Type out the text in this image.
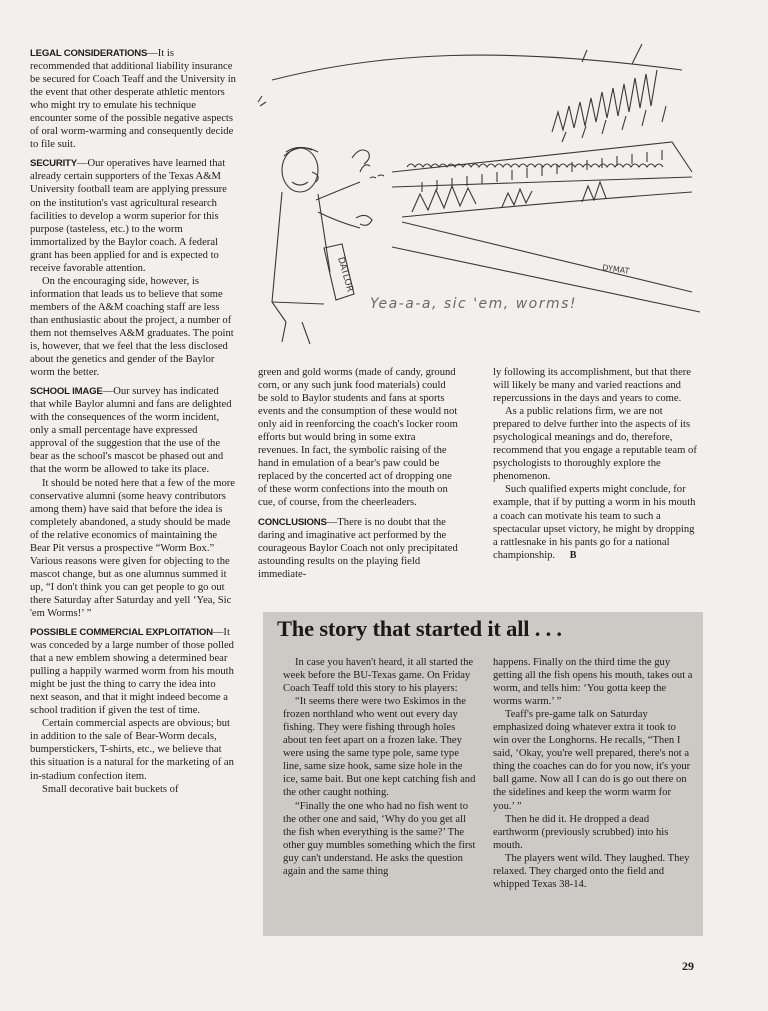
LEGAL CONSIDERATIONS—It is recommended that additional liability insurance be secured for Coach Teaff and the University in the event that other desperate athletic mentors who might try to emulate his technique encounter some of the possible negative aspects of oral worm-warming and consequently decide to file suit.

SECURITY—Our operatives have learned that already certain supporters of the Texas A&M University football team are applying pressure on the institution's vast agricultural research facilities to develop a worm superior for this purpose (tasteless, etc.) to the worm immortalized by the Baylor coach. A federal grant has been applied for and is expected to receive favorable attention.

On the encouraging side, however, is information that leads us to believe that some members of the A&M coaching staff are less than enthusiastic about the project, a number of them not themselves A&M graduates. The point is, however, that we feel that the less disclosed about the genetics and gender of the Baylor worm the better.

SCHOOL IMAGE—Our survey has indicated that while Baylor alumni and fans are delighted with the consequences of the worm incident, only a small percentage have expressed approval of the suggestion that the use of the bear as the school's mascot be phased out and that the worm be allowed to take its place.

It should be noted here that a few of the more conservative alumni (some heavy contributors among them) have said that before the idea is completely abandoned, a study should be made of the relative economics of maintaining the Bear Pit versus a prospective “Worm Box.” Various reasons were given for objecting to the mascot change, but as one alumnus summed it up, “I don't think you can get people to go out there Saturday after Saturday and yell ‘Yea, Sic 'em Worms!’ ”

POSSIBLE COMMERCIAL EXPLOITATION—It was conceded by a large number of those polled that a new emblem showing a determined bear pulling a happily warmed worm from his mouth might be just the thing to carry the idea into next season, and that it might indeed become a school tradition if given the test of time.

Certain commercial aspects are obvious; but in addition to the sale of Bear-Worm decals, bumperstickers, T-shirts, etc., we believe that this situation is a natural for the marketing of an in-stadium confection item.

Small decorative bait buckets of

DATLOR	DYMAT
Yea-a-a, sic 'em, worms!

green and gold worms (made of candy, ground corn, or any such junk food materials) could be sold to Baylor students and fans at sports events and the consumption of these would not only aid in reenforcing the coach's locker room efforts but would bring in some extra revenues. In fact, the symbolic raising of the hand in emulation of a bear's paw could be replaced by the concerted act of dropping one of these worm confections into the mouth on cue, of course, from the cheerleaders.

CONCLUSIONS—There is no doubt that the daring and imaginative act performed by the courageous Baylor Coach not only precipitated astounding results on the playing field immediate-

ly following its accomplishment, but that there will likely be many and varied reactions and repercussions in the days and years to come.

As a public relations firm, we are not prepared to delve further into the aspects of its psychological meanings and do, therefore, recommend that you engage a reputable team of psychologists to thoroughly explore the phenomenon.

Such qualified experts might conclude, for example, that if by putting a worm in his mouth a coach can motivate his team to such a spectacular upset victory, he might by dropping a rattlesnake in his pants go for a national championship. B

The story that started it all . . .

In case you haven't heard, it all started the week before the BU-Texas game. On Friday Coach Teaff told this story to his players:

“It seems there were two Eskimos in the frozen northland who went out every day fishing. They were fishing through holes about ten feet apart on a frozen lake. They were using the same type pole, same type line, same size hook, same size hole in the ice, same bait. But one kept catching fish and the other caught nothing.

“Finally the one who had no fish went to the other one and said, ‘Why do you get all the fish when everything is the same?’ The other guy mumbles something which the first guy can't understand. He asks the question again and the same thing

happens. Finally on the third time the guy getting all the fish opens his mouth, takes out a worm, and tells him: ‘You gotta keep the worms warm.’ ”

Teaff's pre-game talk on Saturday emphasized doing whatever extra it took to win over the Longhorns. He recalls, “Then I said, ‘Okay, you're well prepared, there's not a thing the coaches can do for you now, it's your ball game. Now all I can do is go out there on the sidelines and keep the worm warm for you.’ ”

Then he did it. He dropped a dead earthworm (previously scrubbed) into his mouth.

The players went wild. They laughed. They relaxed. They charged onto the field and whipped Texas 38-14.

29
